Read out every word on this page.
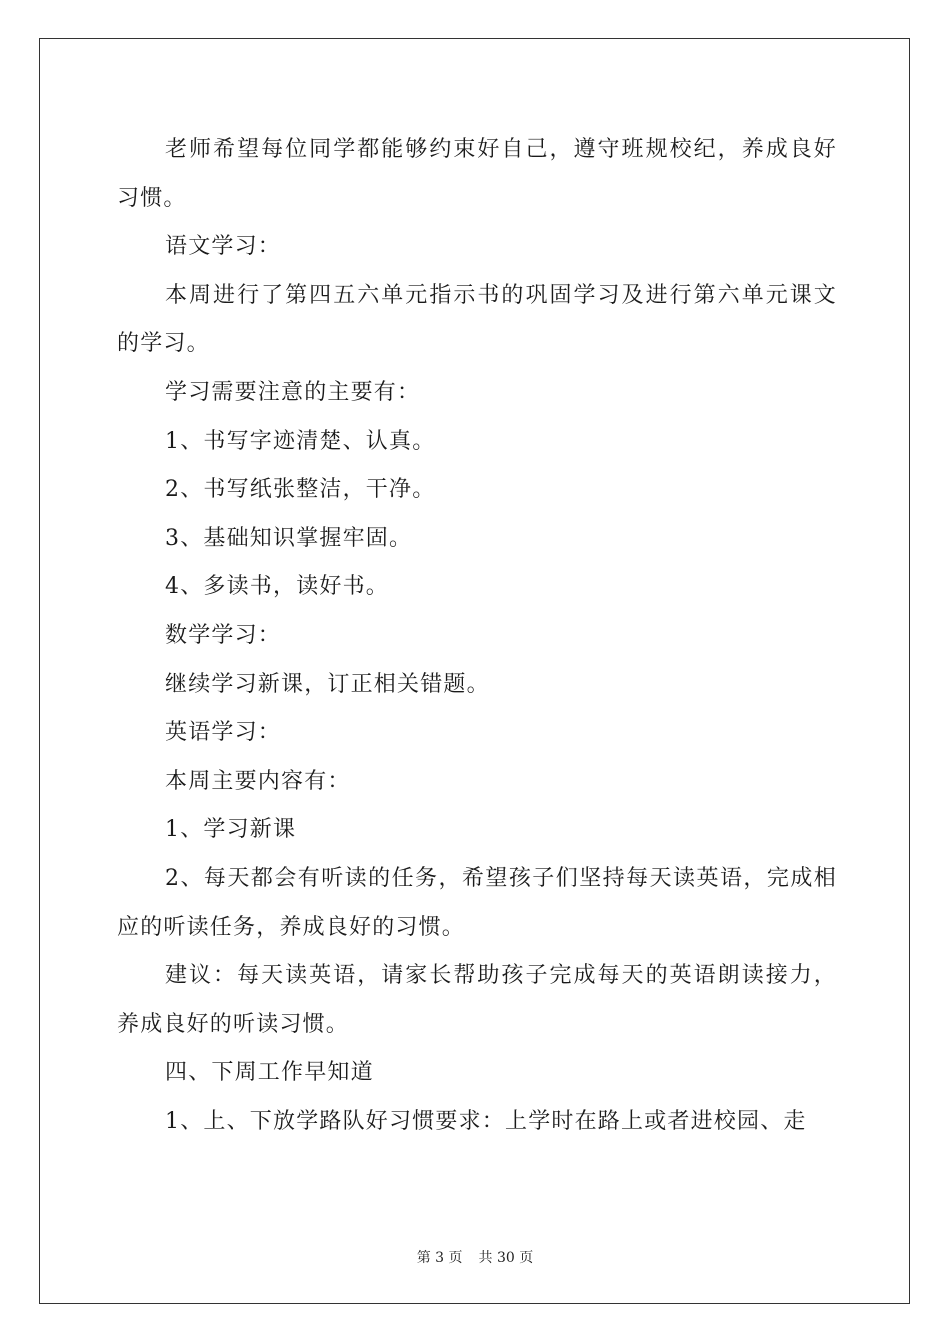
老师希望每位同学都能够约束好自己，遵守班规校纪，养成良好习惯。

语文学习：

本周进行了第四五六单元指示书的巩固学习及进行第六单元课文的学习。

学习需要注意的主要有：

1、书写字迹清楚、认真。

2、书写纸张整洁，干净。

3、基础知识掌握牢固。

4、多读书，读好书。

数学学习：

继续学习新课，订正相关错题。

英语学习：

本周主要内容有：

1、学习新课

2、每天都会有听读的任务，希望孩子们坚持每天读英语，完成相应的听读任务，养成良好的习惯。

建议：每天读英语，请家长帮助孩子完成每天的英语朗读接力，养成良好的听读习惯。

四、下周工作早知道

1、上、下放学路队好习惯要求：上学时在路上或者进校园、走

第 3 页 共 30 页
